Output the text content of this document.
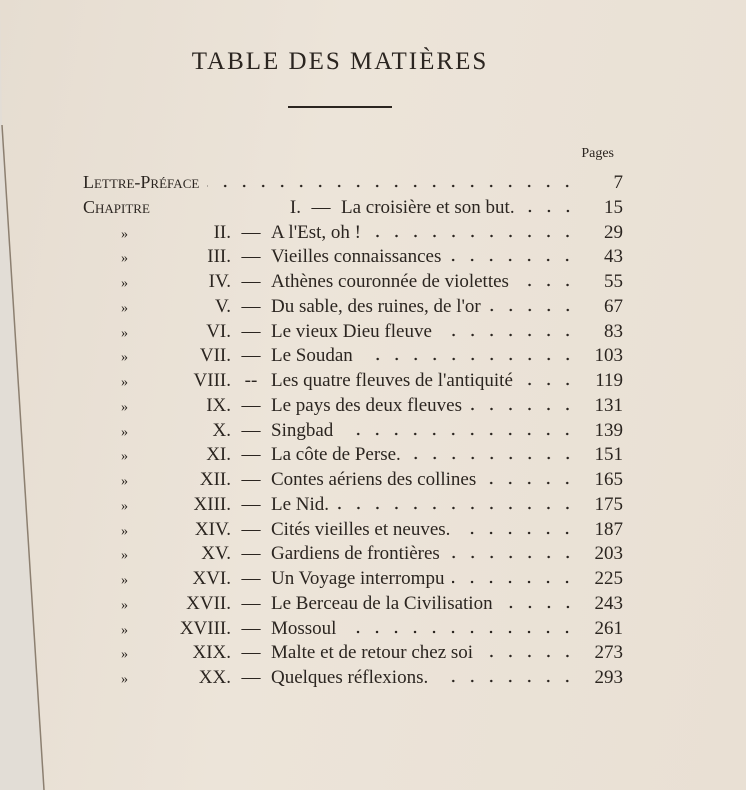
TABLE DES MATIÈRES
Pages
Lettre-Préface	7
Chapitre	I. — La croisière et son but.	15
»	II. — A l'Est, oh !	29
»	III. — Vieilles connaissances	43
»	IV. — Athènes couronnée de violettes	55
»	V. — Du sable, des ruines, de l'or	67
»	VI. — Le vieux Dieu fleuve	83
»	VII. — Le Soudan	103
»	VIII. -- Les quatre fleuves de l'antiquité	119
»	IX. — Le pays des deux fleuves	131
»	X. — Singbad	139
»	XI. — La côte de Perse.	151
»	XII. — Contes aériens des collines	165
»	XIII. — Le Nid.	175
»	XIV. — Cités vieilles et neuves.	187
»	XV. — Gardiens de frontières	203
»	XVI. — Un Voyage interrompu	225
»	XVII. — Le Berceau de la Civilisation	243
»	XVIII. — Mossoul	261
»	XIX. — Malte et de retour chez soi	273
»	XX. — Quelques réflexions.	293
